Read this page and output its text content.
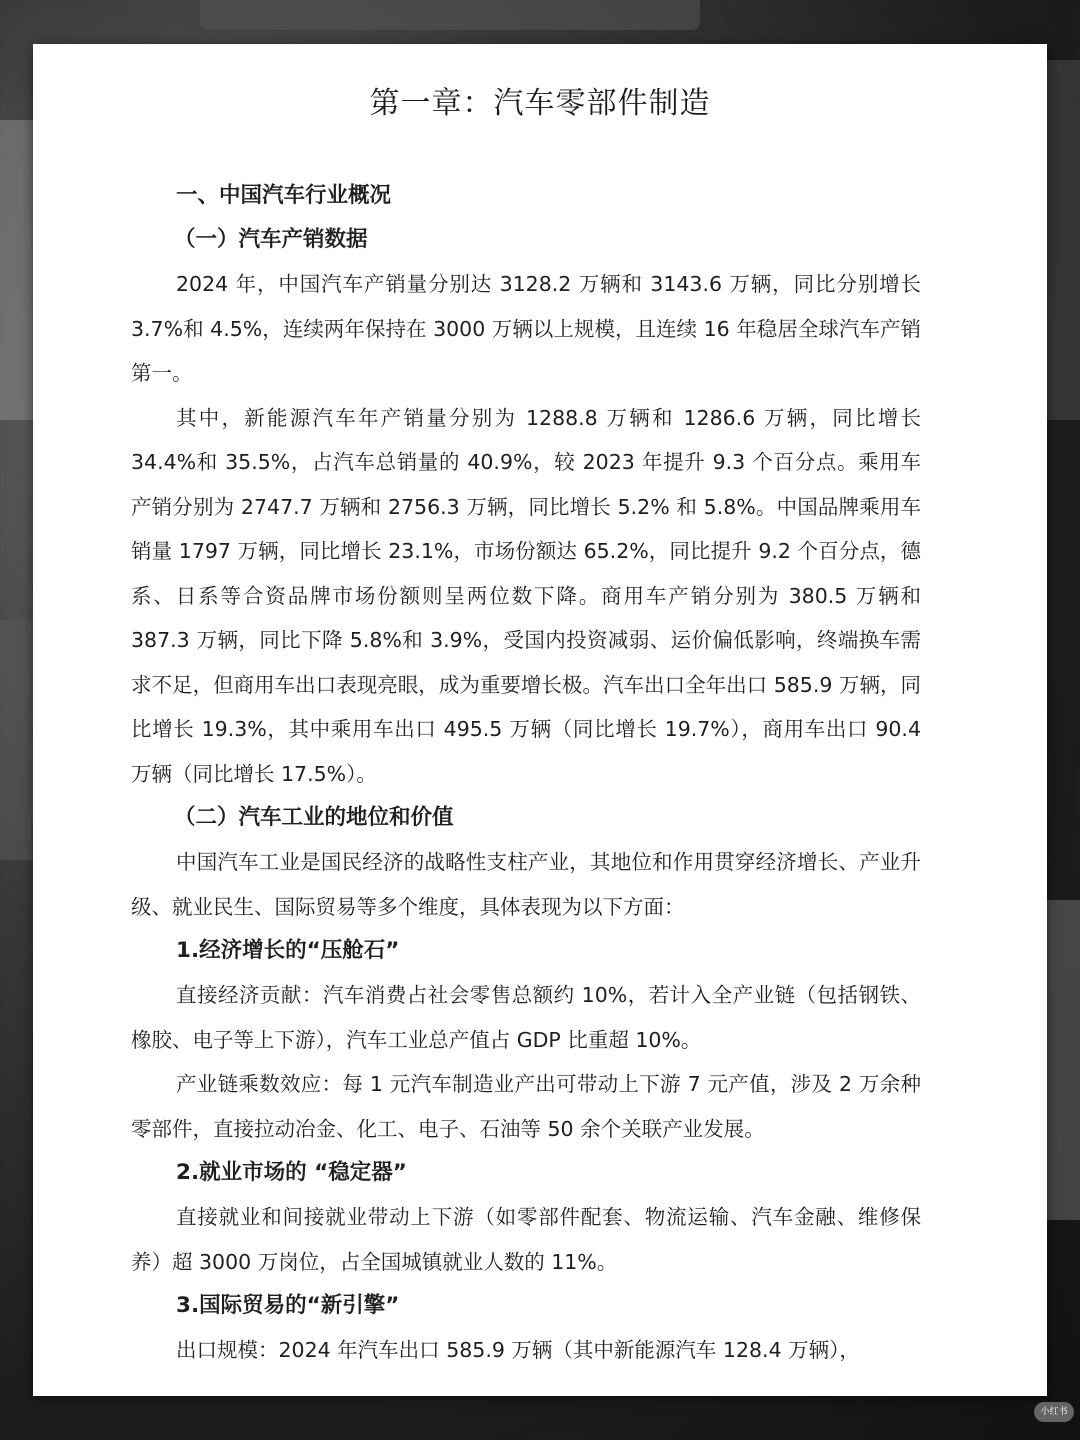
第一章：汽车零部件制造

一、中国汽车行业概况

（一）汽车产销数据

2024 年，中国汽车产销量分别达 3128.2 万辆和 3143.6 万辆，同比分别增长 3.7%和 4.5%，连续两年保持在 3000 万辆以上规模，且连续 16 年稳居全球汽车产销第一。

其中，新能源汽车年产销量分别为 1288.8 万辆和 1286.6 万辆，同比增长 34.4%和 35.5%，占汽车总销量的 40.9%，较 2023 年提升 9.3 个百分点。乘用车产销分别为 2747.7 万辆和 2756.3 万辆，同比增长 5.2% 和 5.8%。中国品牌乘用车销量 1797 万辆，同比增长 23.1%，市场份额达 65.2%，同比提升 9.2 个百分点，德系、日系等合资品牌市场份额则呈两位数下降。商用车产销分别为 380.5 万辆和 387.3 万辆，同比下降 5.8%和 3.9%，受国内投资减弱、运价偏低影响，终端换车需求不足，但商用车出口表现亮眼，成为重要增长极。汽车出口全年出口 585.9 万辆，同比增长 19.3%，其中乘用车出口 495.5 万辆（同比增长 19.7%），商用车出口 90.4 万辆（同比增长 17.5%）。

（二）汽车工业的地位和价值

中国汽车工业是国民经济的战略性支柱产业，其地位和作用贯穿经济增长、产业升级、就业民生、国际贸易等多个维度，具体表现为以下方面：

1.经济增长的“压舱石”

直接经济贡献：汽车消费占社会零售总额约 10%，若计入全产业链（包括钢铁、橡胶、电子等上下游），汽车工业总产值占 GDP 比重超 10%。

产业链乘数效应：每 1 元汽车制造业产出可带动上下游 7 元产值，涉及 2 万余种零部件，直接拉动冶金、化工、电子、石油等 50 余个关联产业发展。

2.就业市场的 “稳定器”

直接就业和间接就业带动上下游（如零部件配套、物流运输、汽车金融、维修保养）超 3000 万岗位，占全国城镇就业人数的 11%。

3.国际贸易的“新引擎”

出口规模：2024 年汽车出口 585.9 万辆（其中新能源汽车 128.4 万辆），

小红书
